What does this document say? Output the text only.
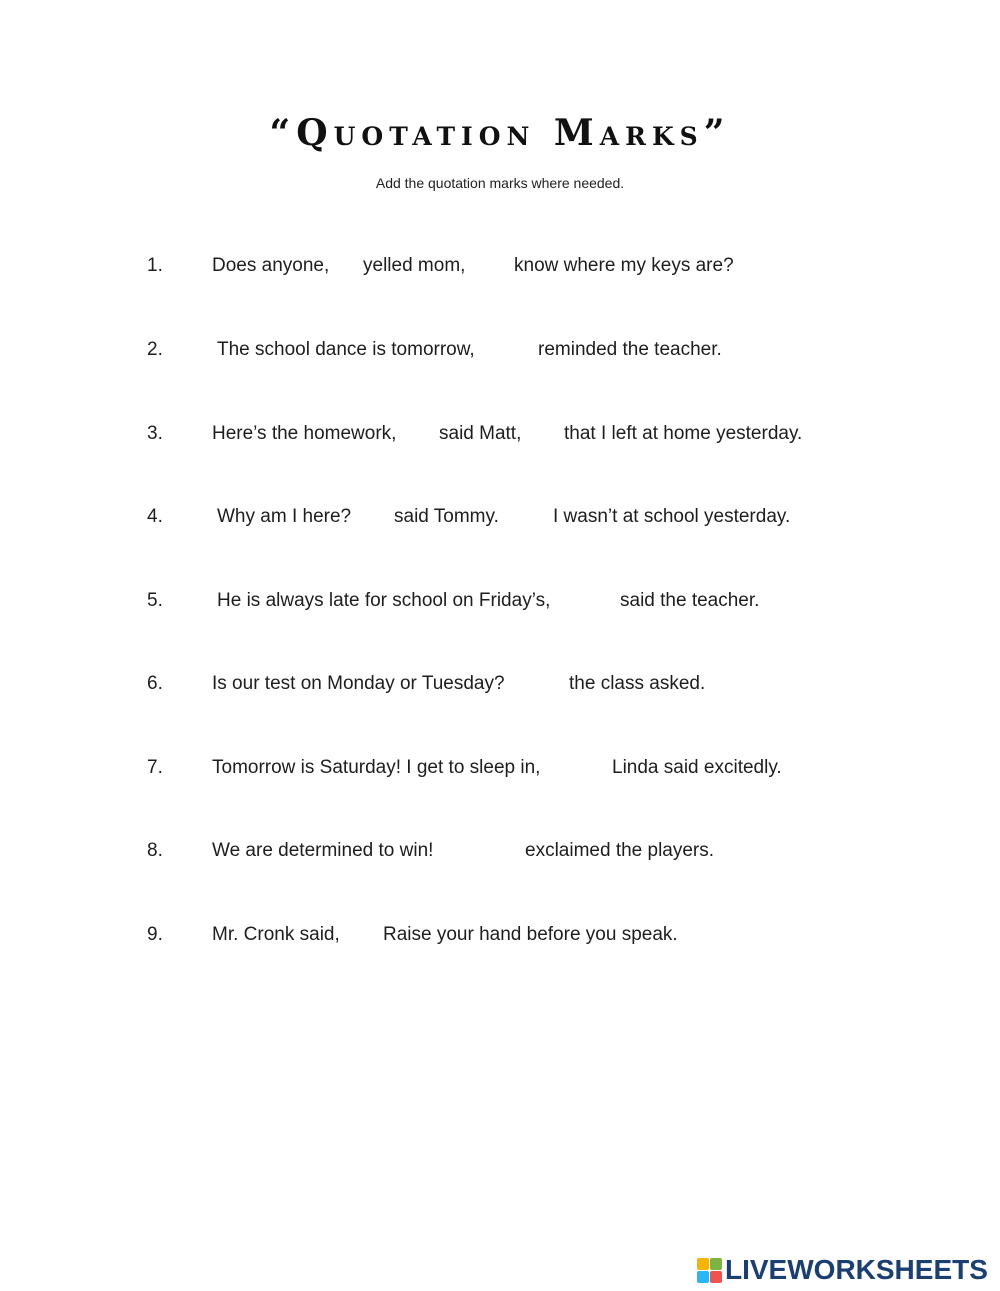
“Quotation Marks”
Add the quotation marks where needed.
1.	Does anyone, yelled mom,	know where my keys are?
2.	The school dance is tomorrow,	reminded the teacher.
3.	Here’s the homework, said Matt, that I left at home yesterday.
4.	Why am I here? said Tommy.	I wasn’t at school yesterday.
5.	He is always late for school on Friday’s,	said the teacher.
6.	Is our test on Monday or Tuesday?	the class asked.
7.	Tomorrow is Saturday! I get to sleep in,	Linda said excitedly.
8.	We are determined to win!	exclaimed the players.
9.	Mr. Cronk said, Raise your hand before you speak.
LIVEWORKSHEETS
